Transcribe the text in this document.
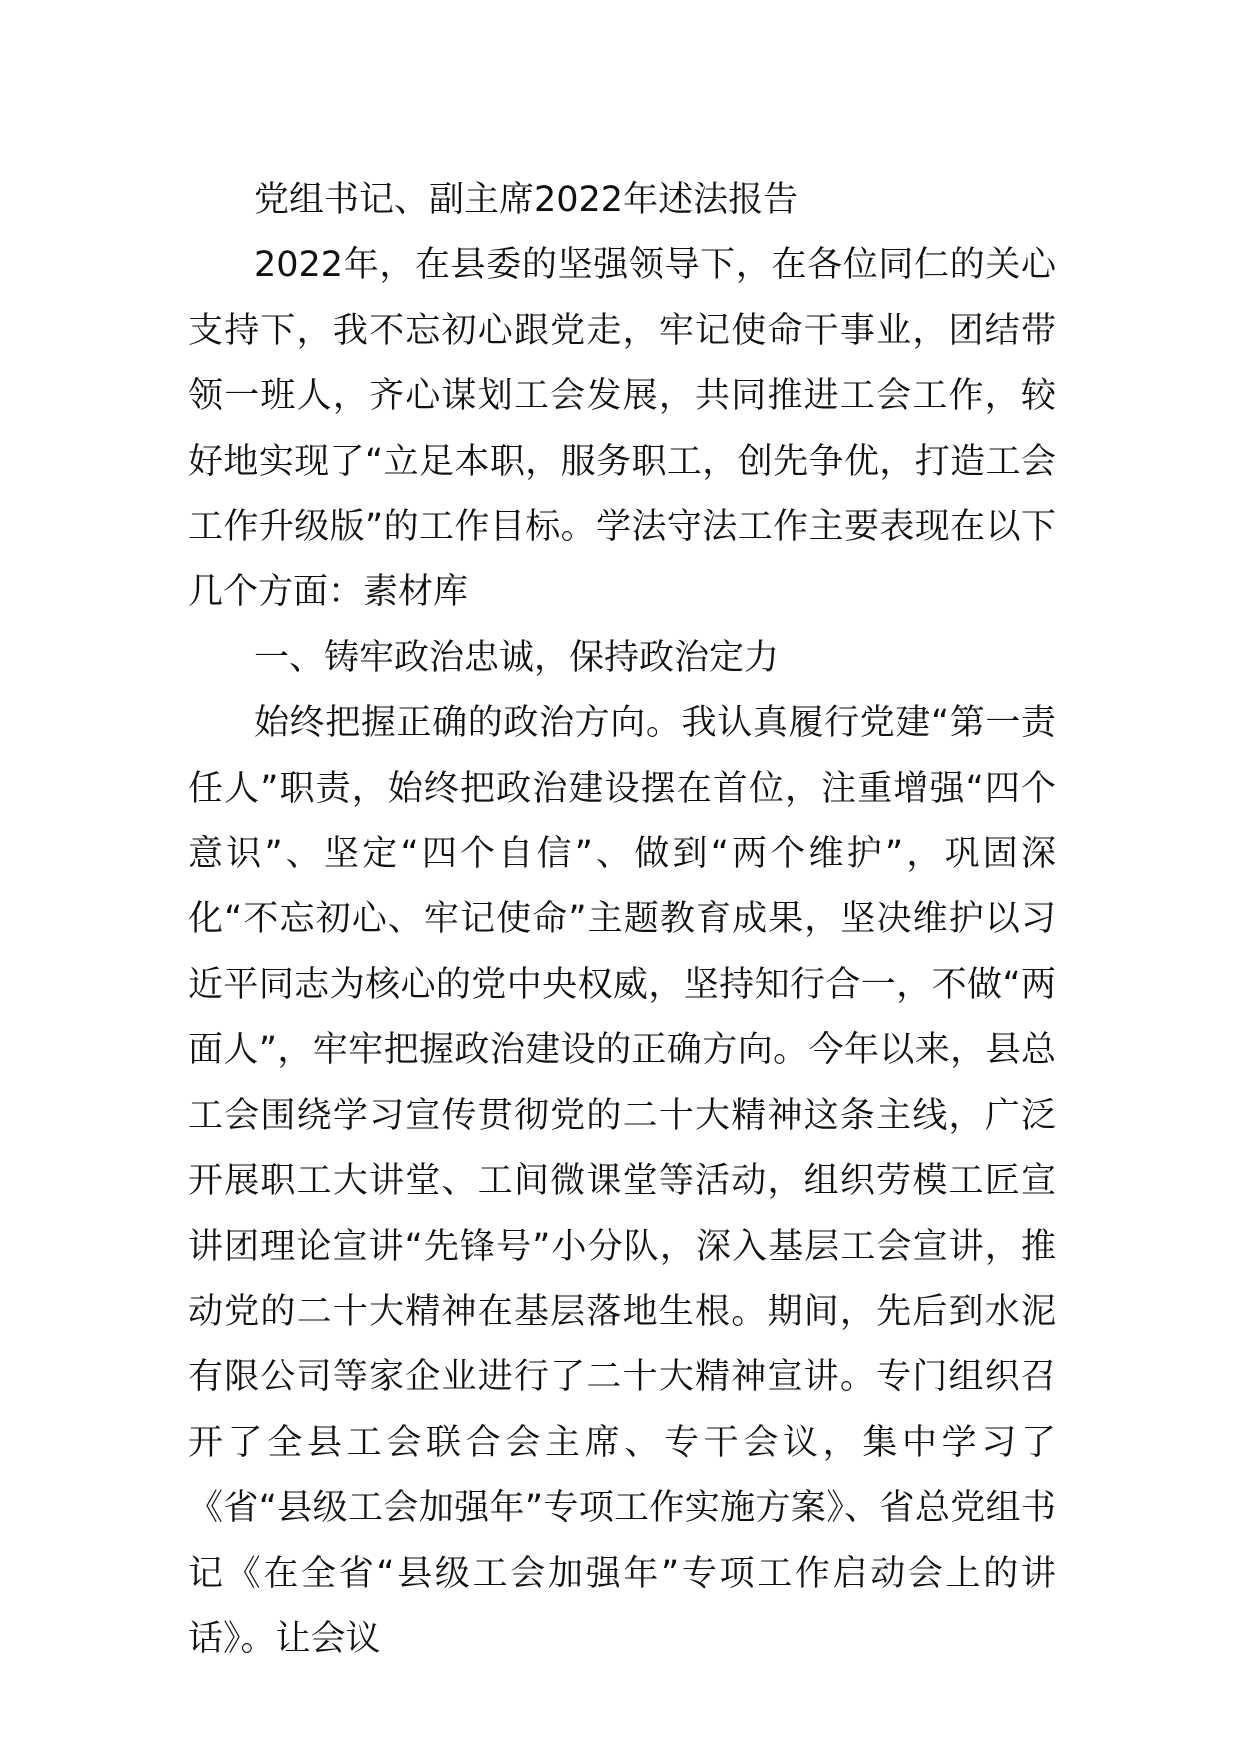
党组书记、副主席2022年述法报告

2022年，在县委的坚强领导下，在各位同仁的关心支持下，我不忘初心跟党走，牢记使命干事业，团结带领一班人，齐心谋划工会发展，共同推进工会工作，较好地实现了“立足本职，服务职工，创先争优，打造工会工作升级版”的工作目标。学法守法工作主要表现在以下几个方面：素材库

一、铸牢政治忠诚，保持政治定力

始终把握正确的政治方向。我认真履行党建“第一责任人”职责，始终把政治建设摆在首位，注重增强“四个意识”、坚定“四个自信”、做到“两个维护”，巩固深化“不忘初心、牢记使命”主题教育成果，坚决维护以习近平同志为核心的党中央权威，坚持知行合一，不做“两面人”，牢牢把握政治建设的正确方向。今年以来，县总工会围绕学习宣传贯彻党的二十大精神这条主线，广泛开展职工大讲堂、工间微课堂等活动，组织劳模工匠宣讲团理论宣讲“先锋号”小分队，深入基层工会宣讲，推动党的二十大精神在基层落地生根。期间，先后到水泥有限公司等家企业进行了二十大精神宣讲。专门组织召开了全县工会联合会主席、专干会议，集中学习了《省“县级工会加强年”专项工作实施方案》、省总党组书记《在全省“县级工会加强年”专项工作启动会上的讲话》。让会议
